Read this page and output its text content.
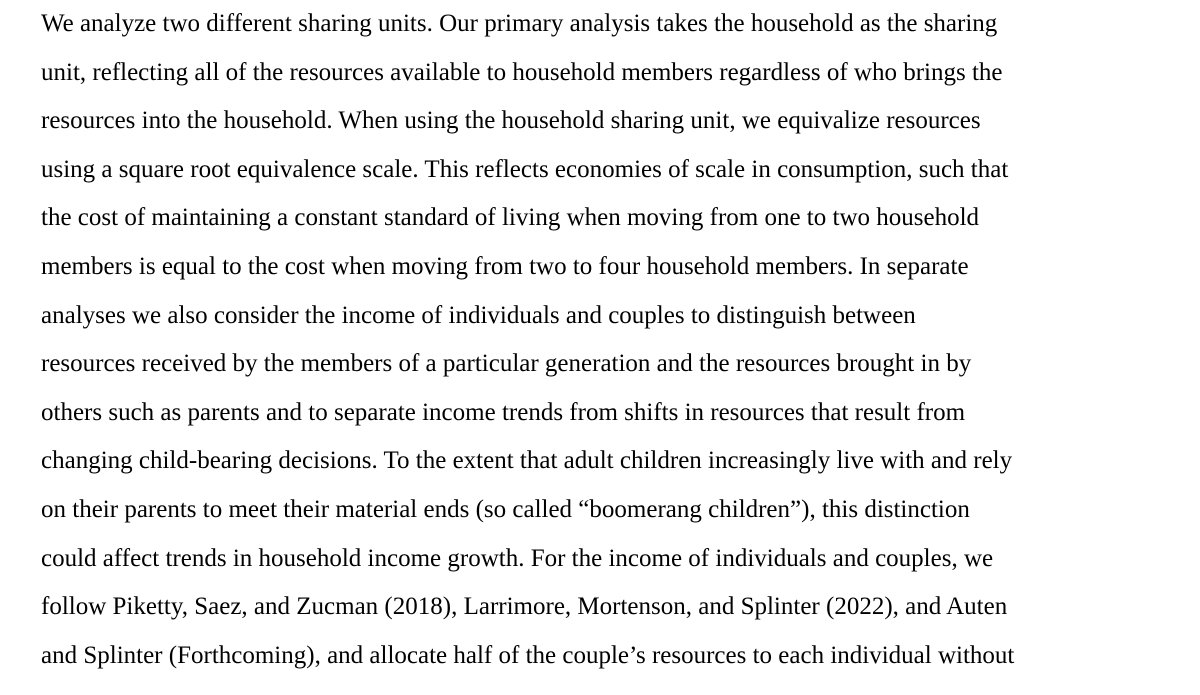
We analyze two different sharing units. Our primary analysis takes the household as the sharing
unit, reflecting all of the resources available to household members regardless of who brings the
resources into the household. When using the household sharing unit, we equivalize resources
using a square root equivalence scale. This reflects economies of scale in consumption, such that
the cost of maintaining a constant standard of living when moving from one to two household
members is equal to the cost when moving from two to four household members. In separate
analyses we also consider the income of individuals and couples to distinguish between
resources received by the members of a particular generation and the resources brought in by
others such as parents and to separate income trends from shifts in resources that result from
changing child-bearing decisions. To the extent that adult children increasingly live with and rely
on their parents to meet their material ends (so called “boomerang children”), this distinction
could affect trends in household income growth. For the income of individuals and couples, we
follow Piketty, Saez, and Zucman (2018), Larrimore, Mortenson, and Splinter (2022), and Auten
and Splinter (Forthcoming), and allocate half of the couple’s resources to each individual without
